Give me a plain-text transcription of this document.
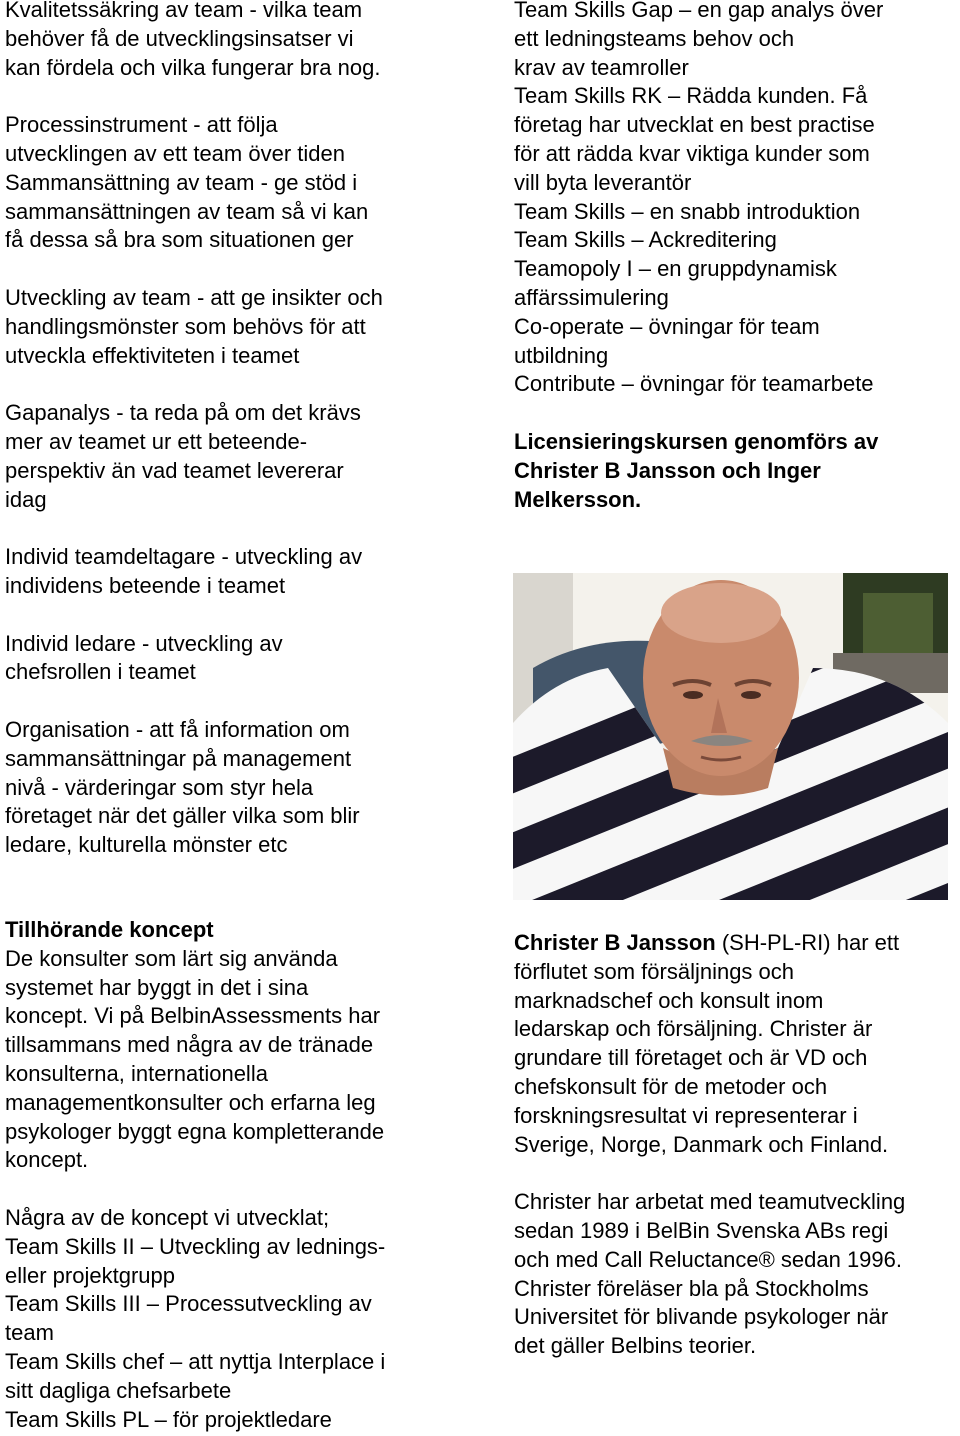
Kvalitetssäkring av team - vilka team
behöver få de utvecklingsinsatser vi
kan fördela och vilka fungerar bra nog.

Processinstrument - att följa
utvecklingen av ett team över tiden
Sammansättning av team - ge stöd i
sammansättningen av team så vi kan
få dessa så bra som situationen ger

Utveckling av team - att ge insikter och
handlingsmönster som behövs för att
utveckla effektiviteten i teamet

Gapanalys - ta reda på om det krävs
mer av teamet ur ett beteende-
perspektiv än vad teamet levererar
idag

Individ teamdeltagare - utveckling av
individens beteende i teamet

Individ ledare - utveckling av
chefsrollen i teamet

Organisation - att få information om
sammansättningar på management
nivå - värderingar som styr hela
företaget när det gäller vilka som blir
ledare, kulturella mönster etc

Team Skills Gap – en gap analys över
ett ledningsteams behov och
krav av teamroller
Team Skills RK – Rädda kunden. Få
företag har utvecklat en best practise
för att rädda kvar viktiga kunder som
vill byta leverantör
Team Skills – en snabb introduktion
Team Skills – Ackreditering
Teamopoly I – en gruppdynamisk
affärssimulering
Co-operate – övningar för team
utbildning
Contribute – övningar för teamarbete

Licensieringskursen genomförs av
Christer B Jansson och Inger
Melkersson.

Tillhörande koncept
De konsulter som lärt sig använda
systemet har byggt in det i sina
koncept. Vi på BelbinAssessments har
tillsammans med några av de tränade
konsulterna, internationella
managementkonsulter och erfarna leg
psykologer byggt egna kompletterande
koncept.

Några av de koncept vi utvecklat;
Team Skills II – Utveckling av lednings-
eller projektgrupp
Team Skills III – Processutveckling av
team
Team Skills chef – att nyttja Interplace i
sitt dagliga chefsarbete
Team Skills PL – för projektledare

Christer B Jansson (SH-PL-RI) har ett
förflutet som försäljnings och
marknadschef och konsult inom
ledarskap och försäljning. Christer är
grundare till företaget och är VD och
chefskonsult för de metoder och
forskningsresultat vi representerar i
Sverige, Norge, Danmark och Finland.

Christer har arbetat med teamutveckling
sedan 1989 i BelBin Svenska ABs regi
och med Call Reluctance® sedan 1996.
Christer föreläser bla på Stockholms
Universitet för blivande psykologer när
det gäller Belbins teorier.
